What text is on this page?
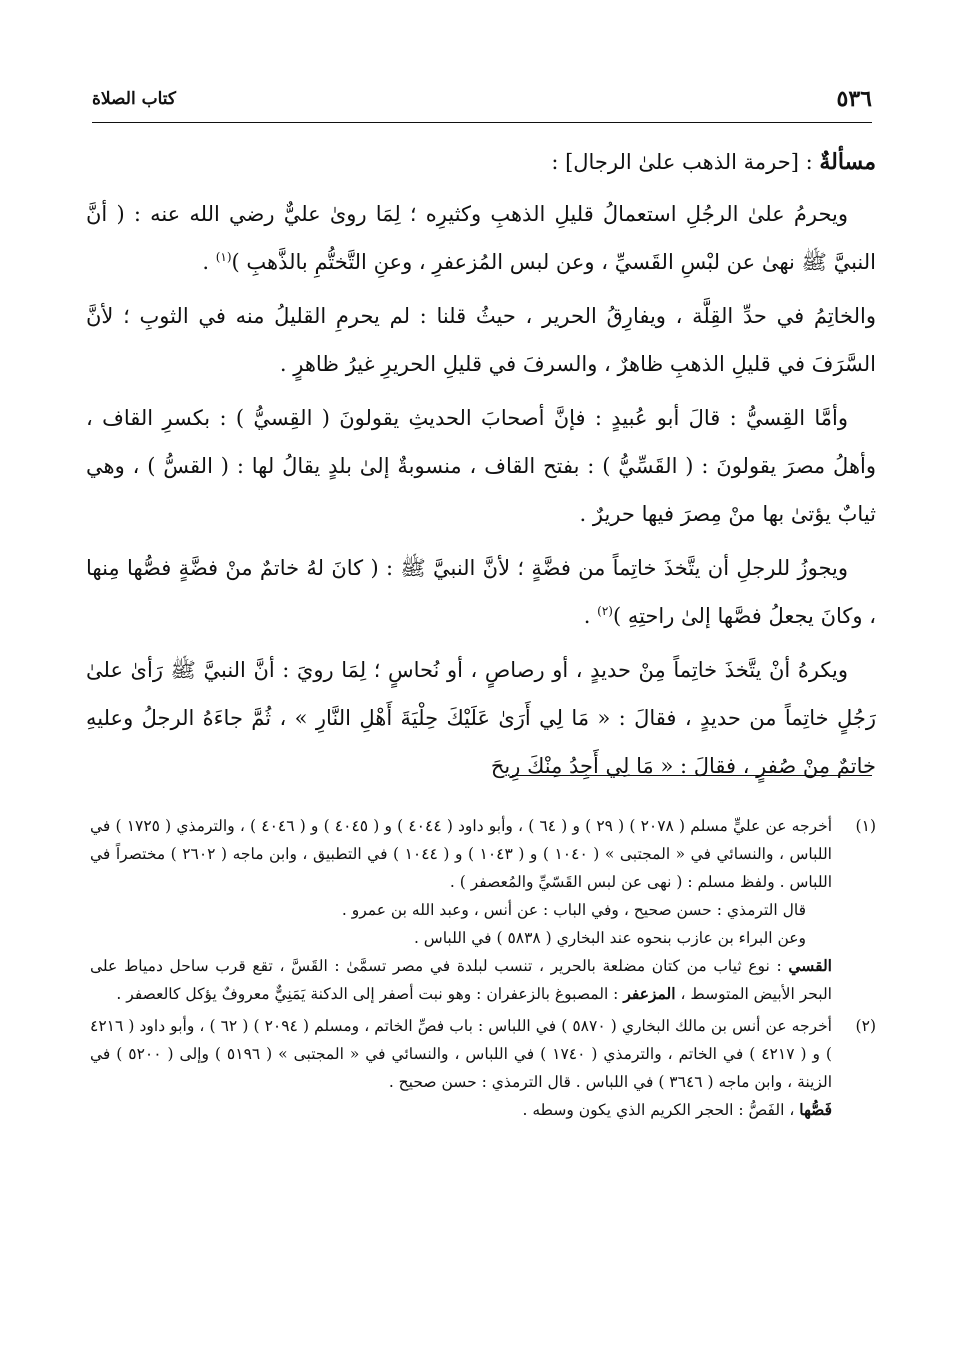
٥٣٦
كتاب الصلاة

مسألةٌ : [حرمة الذهب علىٰ الرجال] :

ويحرمُ علىٰ الرجُلِ استعمالُ قليلِ الذهبِ وكثيرِه ؛ لِمَا روىٰ عليٌّ رضي الله عنه : ( أنَّ النبيَّ ﷺ نهىٰ عن لبْسِ القَسيِّ ، وعن لبس المُزعفرِ ، وعنِ التَّختُّمِ بالذَّهبِ )$^{(١)}$ .

والخاتِمُ في حدِّ القِلَّة ، ويفارِقُ الحرير ، حيثُ قلنا : لم يحرمِ القليلُ منه في الثوبِ ؛ لأنَّ السَّرَفَ في قليلِ الذهبِ ظاهرٌ ، والسرفَ في قليلِ الحريرِ غيرُ ظاهرٍ .

وأمَّا القِسيُّ : قالَ أبو عُبيدٍ : فإنَّ أصحابَ الحديثِ يقولونَ ( القِسيُّ ) : بكسرِ القاف ، وأهلُ مصرَ يقولونَ : ( القَسِّيُّ ) : بفتح القاف ، منسوبةٌ إلىٰ بلدٍ يقالُ لها : ( القسُّ ) ، وهي ثيابٌ يؤتىٰ بها منْ مِصرَ فيها حريرٌ .

ويجوزُ للرجلِ أن يتَّخذَ خاتِماً من فضَّةٍ ؛ لأنَّ النبيَّ ﷺ : ( كانَ لهُ خاتمٌ منْ فضَّةٍ فصُّها مِنها ، وكانَ يجعلُ فصَّها إلىٰ راحتِهِ )$^{(٢)}$ .

ويكرهُ أنْ يتَّخذَ خاتِماً مِنْ حديدٍ ، أو رصاصٍ ، أو نُحاسٍ ؛ لِمَا رويَ : أنَّ النبيَّ ﷺ رَأىٰ علىٰ رَجُلٍ خاتِماً من حديدٍ ، فقالَ : « مَا لِي أَرَىٰ عَلَيْكَ حِلْيَةَ أَهْلِ النَّارِ » ، ثُمَّ جاءَهُ الرجلُ وعليهِ خاتمٌ مِنْ صُفرٍ ، فقالَ : « مَا لِي أَجِدُ مِنْكَ رِيحَ

(١)

أخرجه عن عليٍّ مسلم ( ٢٠٧٨ ) ( ٢٩ ) و ( ٦٤ ) ، وأبو داود ( ٤٠٤٤ ) و ( ٤٠٤٥ ) و ( ٤٠٤٦ ) ، والترمذي ( ١٧٢٥ ) في اللباس ، والنسائي في « المجتبى » ( ١٠٤٠ ) و ( ١٠٤٣ ) و ( ١٠٤٤ ) في التطبيق ، وابن ماجه ( ٢٦٠٢ ) مختصراً في اللباس . ولفظ مسلم : ( نهى عن لبس القَسّيِّ والمُعصفر ) .

قال الترمذي : حسن صحيح ، وفي الباب : عن أنس ، وعبد الله بن عمرو .

وعن البراء بن عازب بنحوه عند البخاري ( ٥٨٣٨ ) في اللباس .

القسي : نوع ثياب من كتان مضلعة بالحرير ، تنسب لبلدة في مصر تسمَّىٰ : القَسَّ ، تقع قرب ساحل دمياط على البحر الأبيض المتوسط ، المزعفر : المصبوغ بالزعفران : وهو نبت أصفر إلى الدكنة يَمَنِيٌّ معروفٌ يؤكل كالعصفر .

(٢)

أخرجه عن أنس بن مالك البخاري ( ٥٨٧٠ ) في اللباس : باب فصِّ الخاتم ، ومسلم ( ٢٠٩٤ ) ( ٦٢ ) ، وأبو داود ( ٤٢١٦ ) و ( ٤٢١٧ ) في الخاتم ، والترمذي ( ١٧٤٠ ) في اللباس ، والنسائي في « المجتبى » ( ٥١٩٦ ) وإلى ( ٥٢٠٠ ) في الزينة ، وابن ماجه ( ٣٦٤٦ ) في اللباس . قال الترمذي : حسن صحيح .

فَصُّها ، الفَصُّ : الحجر الكريم الذي يكون وسطه .
